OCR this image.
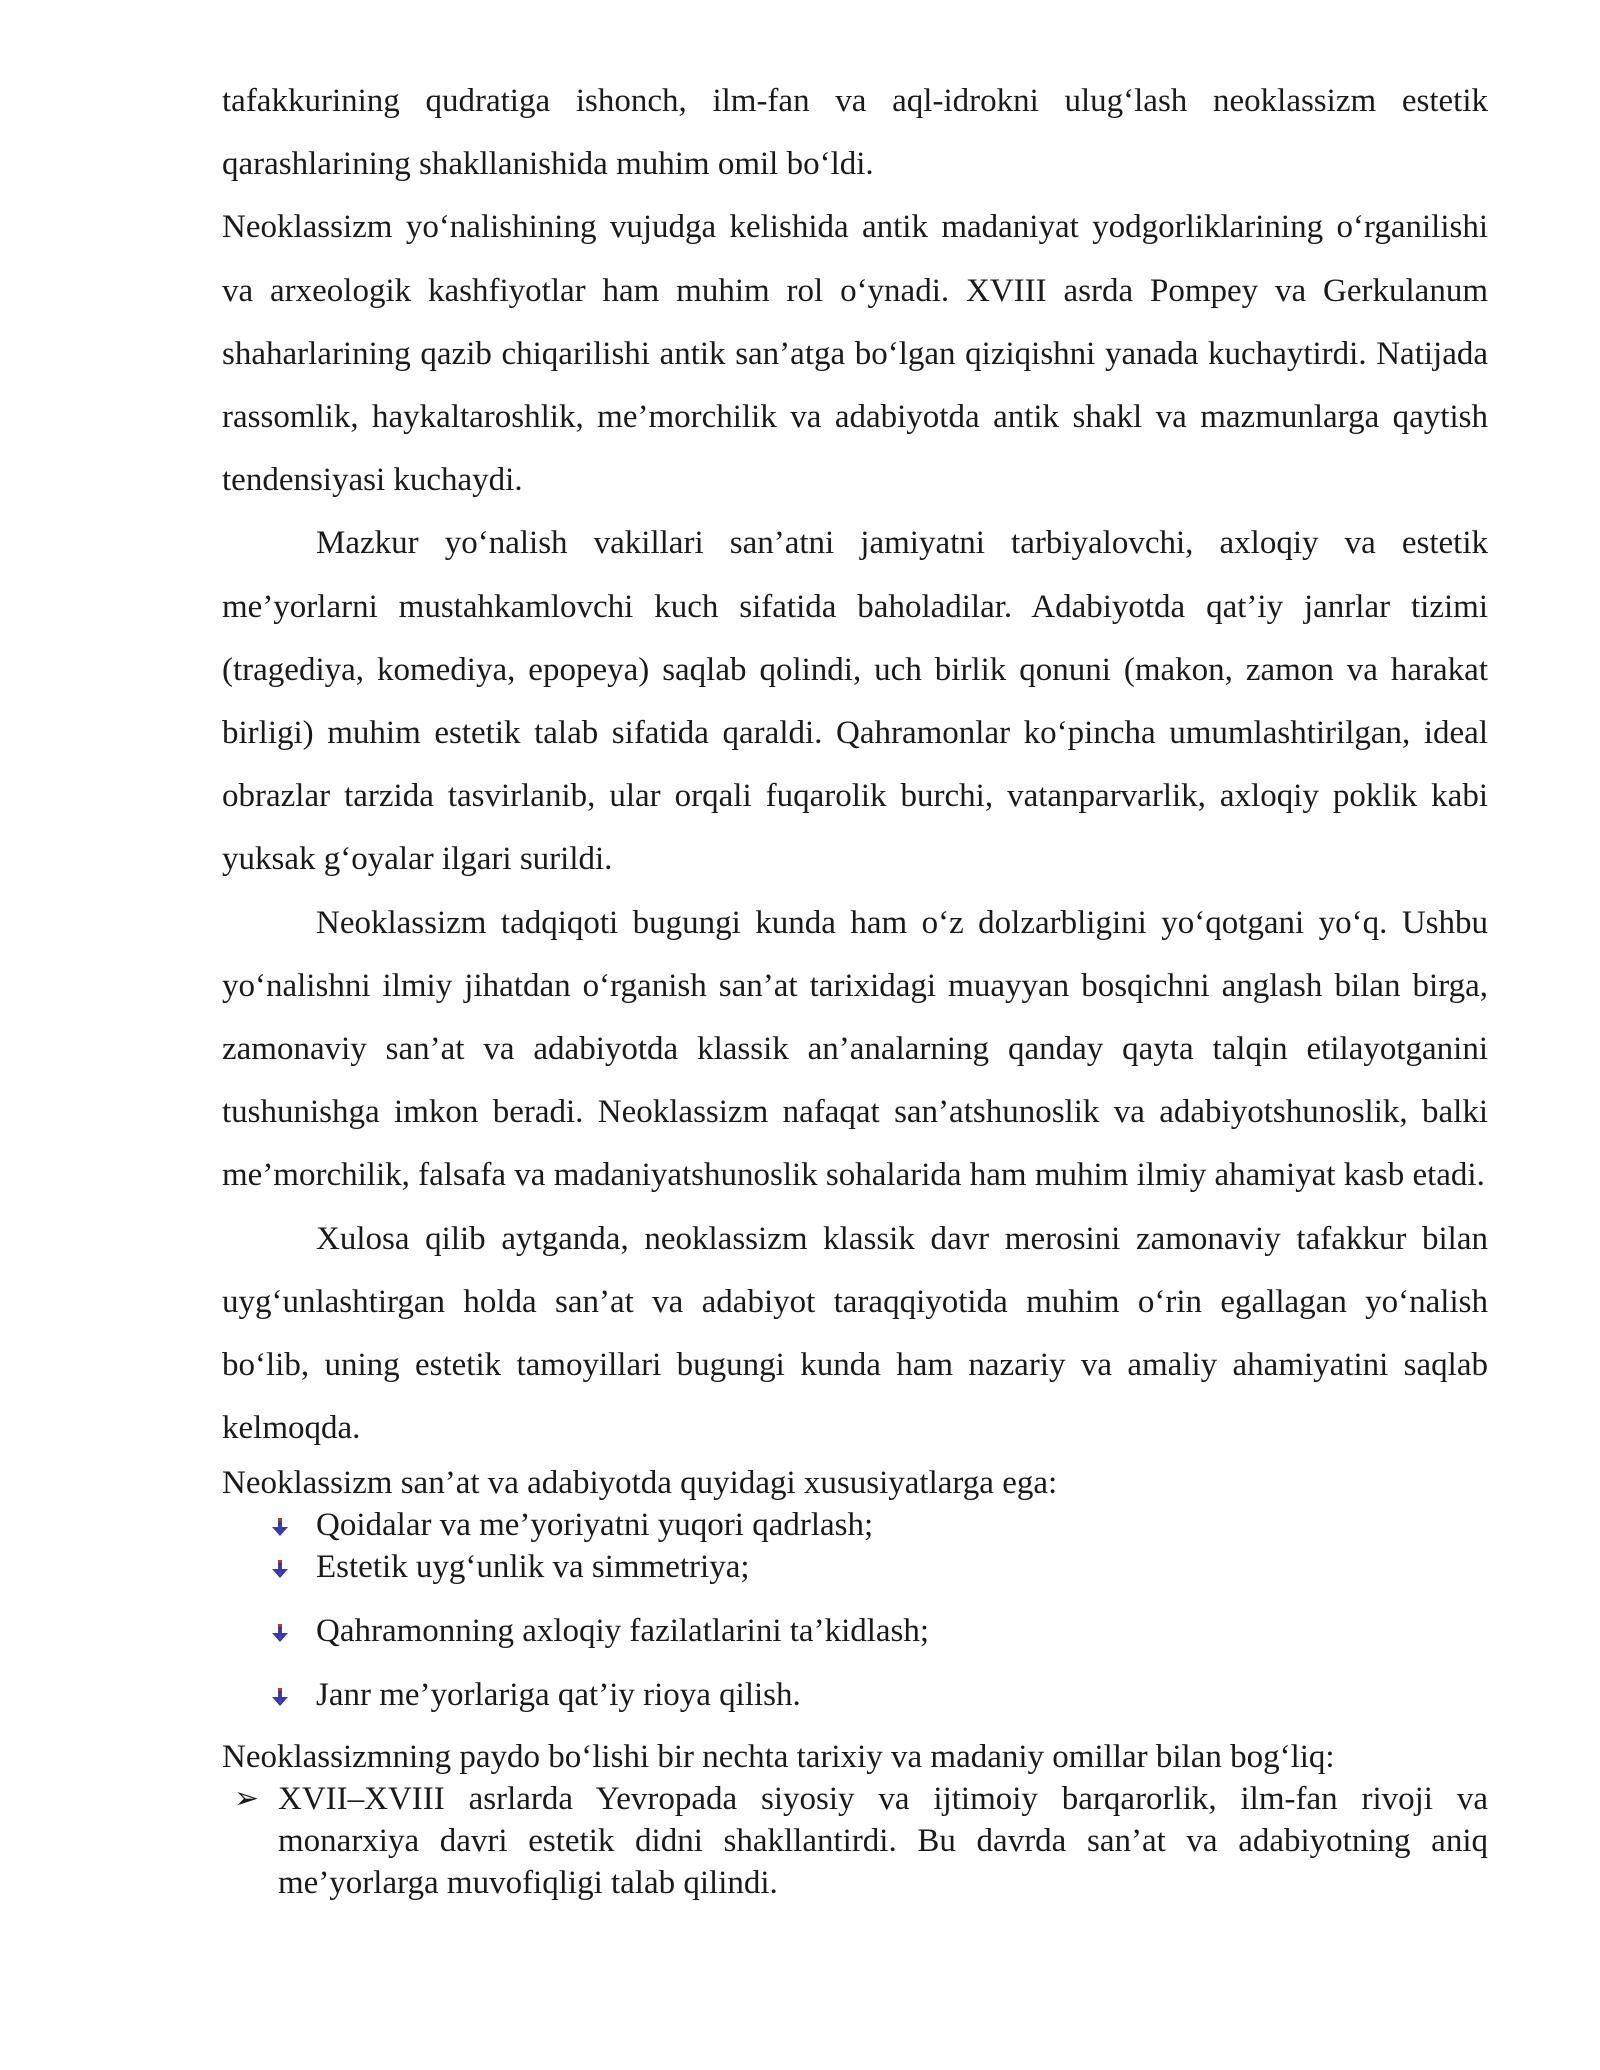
tafakkurining qudratiga ishonch, ilm-fan va aql-idrokni ulug‘lash neoklassizm estetik qarashlarining shakllanishida muhim omil bo‘ldi.

Neoklassizm yo‘nalishining vujudga kelishida antik madaniyat yodgorliklarining o‘rganilishi va arxeologik kashfiyotlar ham muhim rol o‘ynadi. XVIII asrda Pompey va Gerkulanum shaharlarining qazib chiqarilishi antik san’atga bo‘lgan qiziqishni yanada kuchaytirdi. Natijada rassomlik, haykaltaroshlik, me’morchilik va adabiyotda antik shakl va mazmunlarga qaytish tendensiyasi kuchaydi.

Mazkur yo‘nalish vakillari san’atni jamiyatni tarbiyalovchi, axloqiy va estetik me’yorlarni mustahkamlovchi kuch sifatida baholadilar. Adabiyotda qat’iy janrlar tizimi (tragediya, komediya, epopeya) saqlab qolindi, uch birlik qonuni (makon, zamon va harakat birligi) muhim estetik talab sifatida qaraldi. Qahramonlar ko‘pincha umumlashtirilgan, ideal obrazlar tarzida tasvirlanib, ular orqali fuqarolik burchi, vatanparvarlik, axloqiy poklik kabi yuksak g‘oyalar ilgari surildi.

Neoklassizm tadqiqoti bugungi kunda ham o‘z dolzarbligini yo‘qotgani yo‘q. Ushbu yo‘nalishni ilmiy jihatdan o‘rganish san’at tarixidagi muayyan bosqichni anglash bilan birga, zamonaviy san’at va adabiyotda klassik an’analarning qanday qayta talqin etilayotganini tushunishga imkon beradi. Neoklassizm nafaqat san’atshunoslik va adabiyotshunoslik, balki me’morchilik, falsafa va madaniyatshunoslik sohalarida ham muhim ilmiy ahamiyat kasb etadi.

Xulosa qilib aytganda, neoklassizm klassik davr merosini zamonaviy tafakkur bilan uyg‘unlashtirgan holda san’at va adabiyot taraqqiyotida muhim o‘rin egallagan yo‘nalish bo‘lib, uning estetik tamoyillari bugungi kunda ham nazariy va amaliy ahamiyatini saqlab kelmoqda.

Neoklassizm san’at va adabiyotda quyidagi xususiyatlarga ega:

Qoidalar va me’yoriyatni yuqori qadrlash;
Estetik uyg‘unlik va simmetriya;
Qahramonning axloqiy fazilatlarini ta’kidlash;
Janr me’yorlariga qat’iy rioya qilish.

Neoklassizmning paydo bo‘lishi bir nechta tarixiy va madaniy omillar bilan bog‘liq:

➢ XVII–XVIII asrlarda Yevropada siyosiy va ijtimoiy barqarorlik, ilm-fan rivoji va monarxiya davri estetik didni shakllantirdi. Bu davrda san’at va adabiyotning aniq me’yorlarga muvofiqligi talab qilindi.
